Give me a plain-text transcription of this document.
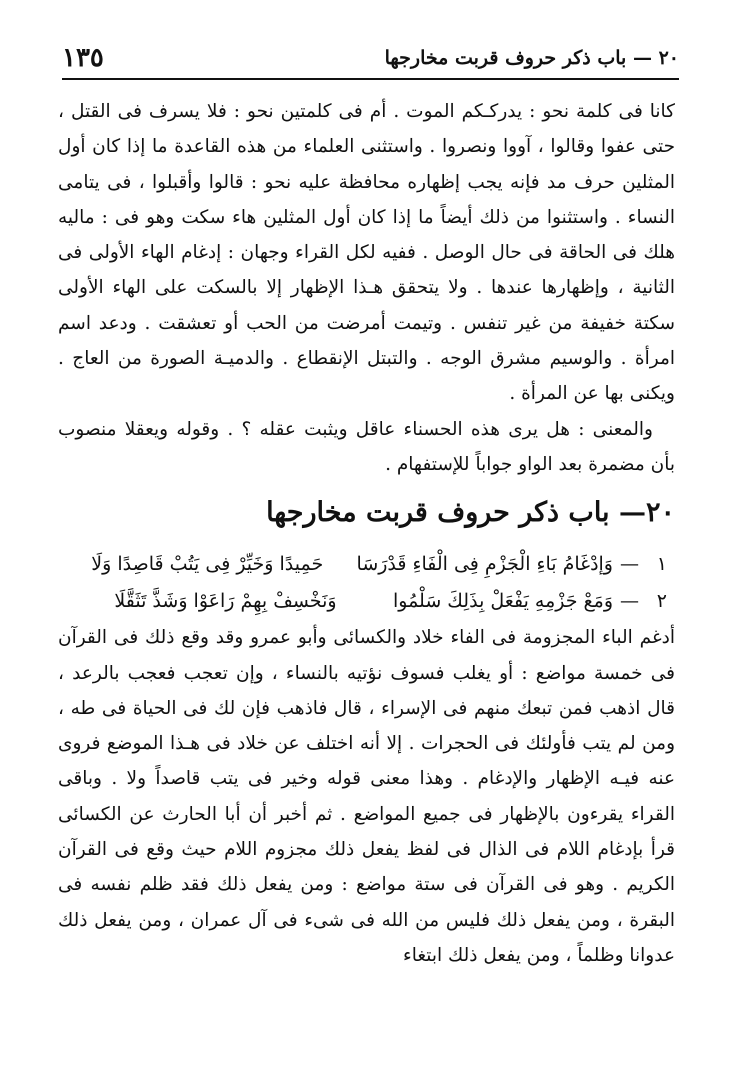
١٣٥	٢٠ — باب ذكر حروف قربت مخارجها

كانا فى كلمة نحو : يدركـكم الموت . أم فى كلمتين نحو : فلا يسرف فى القتل ، حتى عفوا وقالوا ، آووا ونصروا . واستثنى العلماء من هذه القاعدة ما إذا كان أول المثلين حرف مد فإنه يجب إظهاره محافظة عليه نحو : قالوا وأقبلوا ، فى يتامى النساء . واستثنوا من ذلك أيضاً ما إذا كان أول المثلين هاء سكت وهو فى : ماليه هلك فى الحاقة فى حال الوصل . ففيه لكل القراء وجهان : إدغام الهاء الأولى فى الثانية ، وإظهارها عندها . ولا يتحقق هـذا الإظهار إلا بالسكت على الهاء الأولى سكتة خفيفة من غير تنفس . وتيمت أمرضت من الحب أو تعشقت . ودعد اسم امرأة . والوسيم مشرق الوجه . والتبتل الإنقطاع . والدميـة الصورة من العاج . ويكنى بها عن المرأة .

والمعنى : هل يرى هذه الحسناء عاقل ويثبت عقله ؟ . وقوله ويعقلا منصوب بأن مضمرة بعد الواو جواباً للإستفهام .

٢٠— باب ذكر حروف قربت مخارجها
١
—
وَإدْغَامُ بَاءِ الْجَزْمِ فِى الْفَاءِ قَدْرَسَا
حَمِيدًا وَخَيِّرْ فِى يَتُبْ قَاصِدًا وَلَا
٢
—
وَمَعْ جَزْمِهِ يَفْعَلْ بِذَلِكَ سَلْمُوا
وَنَخْسِفْ بِهِمْ رَاعَوْا وَشَذَّ تَثَقَّلَا

أدغم الباء المجزومة فى الفاء خلاد والكسائى وأبو عمرو وقد وقع ذلك فى القرآن فى خمسة مواضع : أو يغلب فسوف نؤتيه بالنساء ، وإن تعجب فعجب بالرعد ، قال اذهب فمن تبعك منهم فى الإسراء ، قال فاذهب فإن لك فى الحياة فى طه ، ومن لم يتب فأولئك فى الحجرات . إلا أنه اختلف عن خلاد فى هـذا الموضع فروى عنه فيـه الإظهار والإدغام . وهذا معنى قوله وخير فى يتب قاصداً ولا . وباقى القراء يقرءون بالإظهار فى جميع المواضع . ثم أخبر أن أبا الحارث عن الكسائى قرأ بإدغام اللام فى الذال فى لفظ يفعل ذلك مجزوم اللام حيث وقع فى القرآن الكريم . وهو فى القرآن فى ستة مواضع : ومن يفعل ذلك فقد ظلم نفسه فى البقرة ، ومن يفعل ذلك فليس من الله فى شىء فى آل عمران ، ومن يفعل ذلك عدوانا وظلماً ، ومن يفعل ذلك ابتغاء
